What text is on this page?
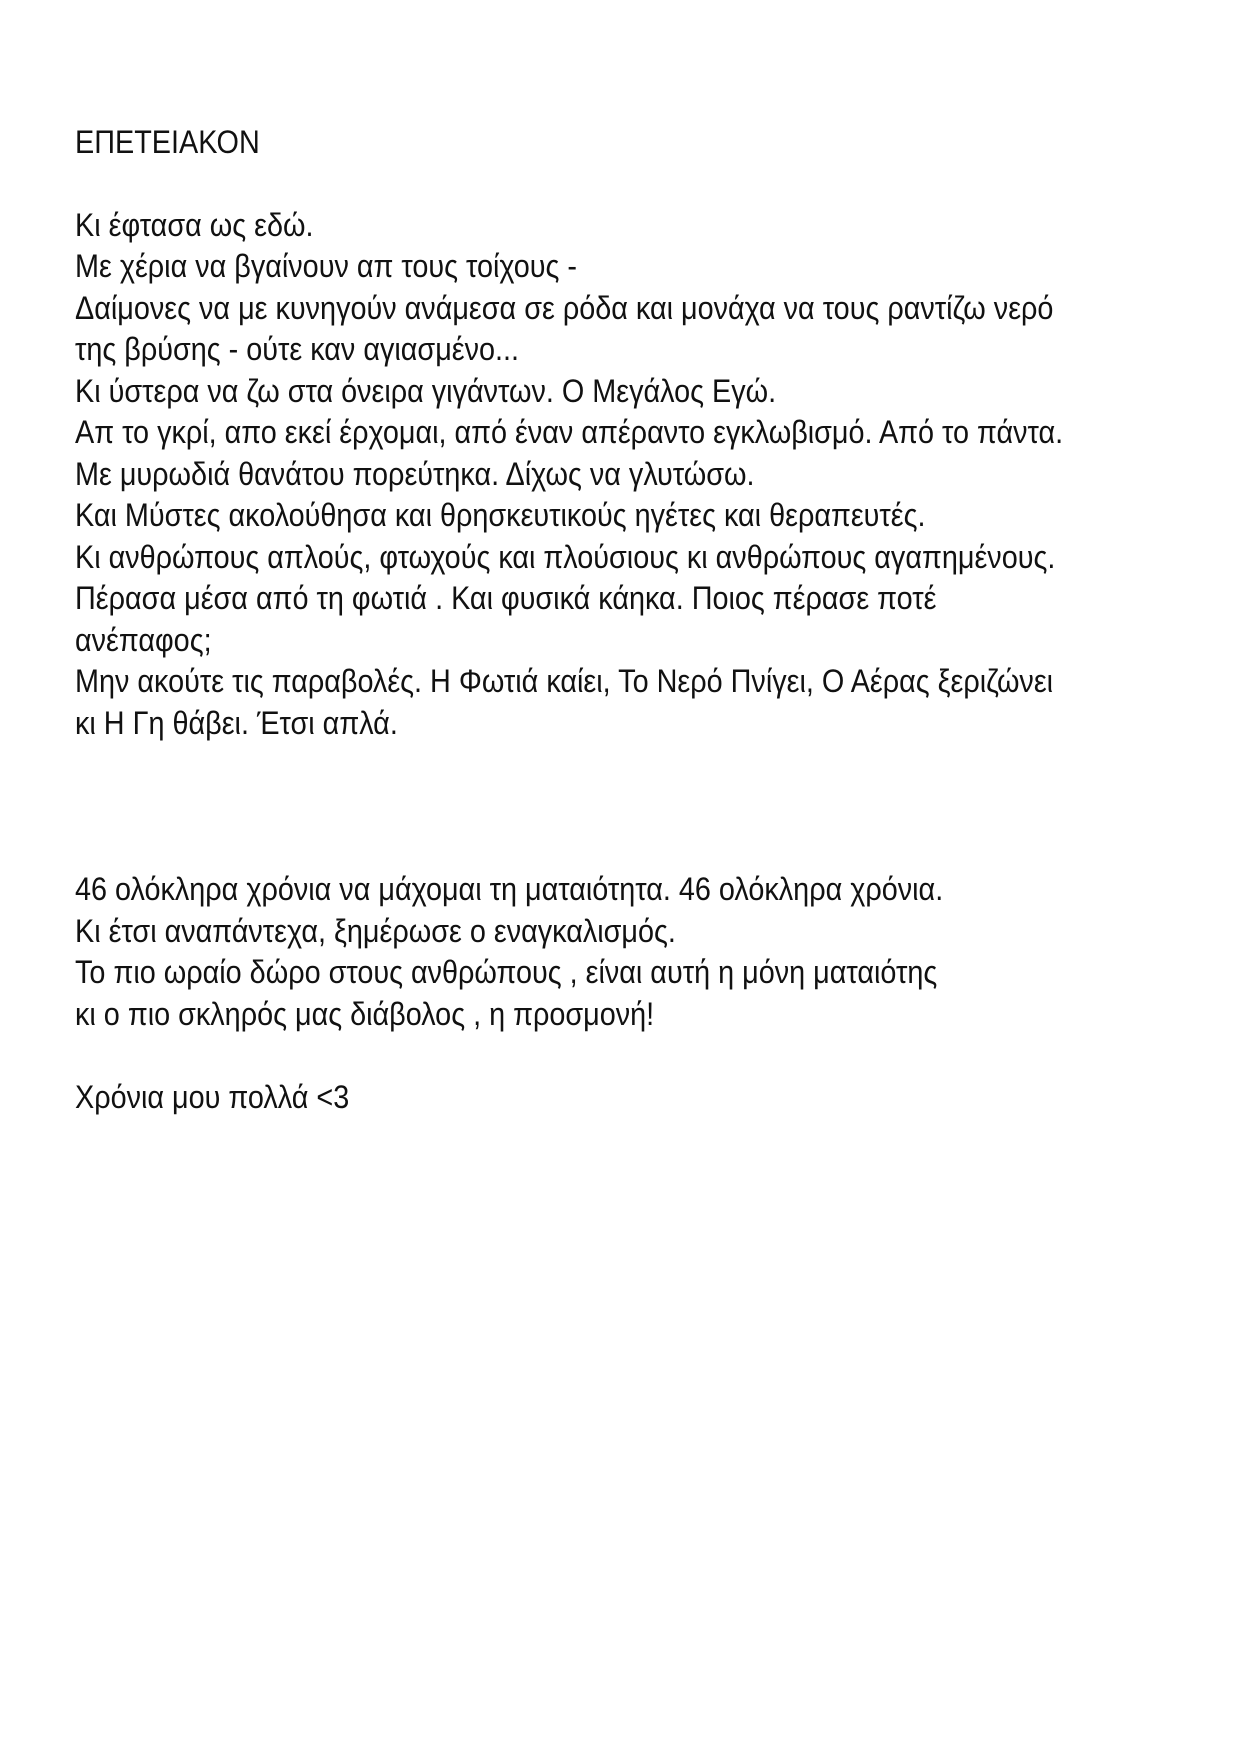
ΕΠΕΤΕΙΑΚΟΝ
Κι έφτασα ως εδώ.
Με χέρια να βγαίνουν απ τους τοίχους -
Δαίμονες να με κυνηγούν ανάμεσα σε ρόδα και μονάχα να τους ραντίζω νερό
της βρύσης - ούτε καν αγιασμένο...
Κι ύστερα να ζω στα όνειρα γιγάντων. Ο Μεγάλος Εγώ.
Απ το γκρί, απο εκεί έρχομαι, από έναν απέραντο εγκλωβισμό. Από το πάντα.
Με μυρωδιά θανάτου πορεύτηκα. Δίχως να γλυτώσω.
Και Μύστες ακολούθησα και θρησκευτικούς ηγέτες και θεραπευτές.
Κι ανθρώπους απλούς, φτωχούς και πλούσιους κι ανθρώπους αγαπημένους.
Πέρασα μέσα από τη φωτιά . Και φυσικά κάηκα. Ποιος πέρασε ποτέ
ανέπαφος;
Μην ακούτε τις παραβολές. Η Φωτιά καίει, Το Νερό Πνίγει, Ο Αέρας ξεριζώνει
κι Η Γη θάβει. Έτσι απλά.
46 ολόκληρα χρόνια να μάχομαι τη ματαιότητα. 46 ολόκληρα χρόνια.
Κι έτσι αναπάντεχα, ξημέρωσε ο εναγκαλισμός.
Το πιο ωραίο δώρο στους ανθρώπους , είναι αυτή η μόνη ματαιότης
κι ο πιο σκληρός μας διάβολος , η προσμονή!
Χρόνια μου πολλά <3
